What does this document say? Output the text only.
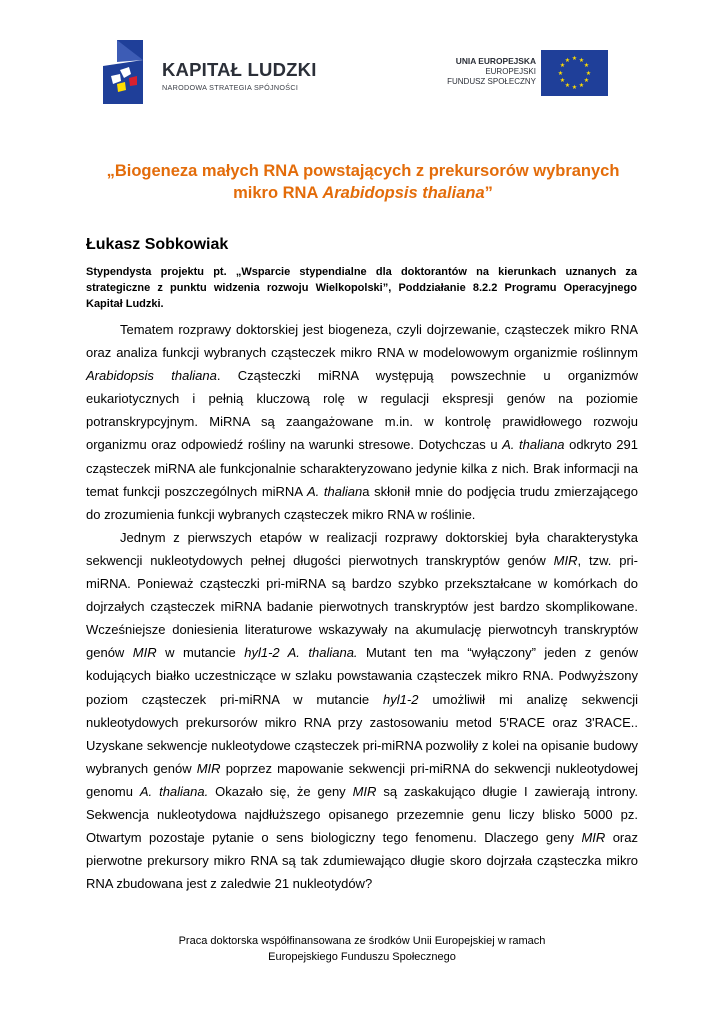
KAPITAŁ LUDZKI
NARODOWA STRATEGIA SPÓJNOŚCI
UNIA EUROPEJSKA
EUROPEJSKI
FUNDUSZ SPOŁECZNY
★ ★
★
★
★
★
★
★
★
★
★
★
„Biogeneza małych RNA powstających z prekursorów wybranych
mikro RNA Arabidopsis thaliana”
Łukasz Sobkowiak
Stypendysta projektu pt. „Wsparcie stypendialne dla doktorantów na kierunkach uznanych za strategiczne z punktu widzenia rozwoju Wielkopolski”, Poddziałanie 8.2.2 Programu Operacyjnego Kapitał Ludzki.

Tematem rozprawy doktorskiej jest biogeneza, czyli dojrzewanie, cząsteczek mikro RNA oraz analiza funkcji wybranych cząsteczek mikro RNA w modelowowym organizmie roślinnym Arabidopsis thaliana. Cząsteczki miRNA występują powszechnie u organizmów eukariotycznych i pełnią kluczową rolę w regulacji ekspresji genów na poziomie potranskrypcyjnym. MiRNA są zaangażowane m.in. w kontrolę prawidłowego rozwoju organizmu oraz odpowiedź rośliny na warunki stresowe. Dotychczas u A. thaliana odkryto 291 cząsteczek miRNA ale funkcjonalnie scharakteryzowano jedynie kilka z nich. Brak informacji na temat funkcji poszczególnych miRNA A. thaliana skłonił mnie do podjęcia trudu zmierzającego do zrozumienia funkcji wybranych cząsteczek mikro RNA w roślinie.

Jednym z pierwszych etapów w realizacji rozprawy doktorskiej była charakterystyka sekwencji nukleotydowych pełnej długości pierwotnych transkryptów genów MIR, tzw. pri-miRNA. Ponieważ cząsteczki pri-miRNA są bardzo szybko przekształcane w komórkach do dojrzałych cząsteczek miRNA badanie pierwotnych transkryptów jest bardzo skomplikowane. Wcześniejsze doniesienia literaturowe wskazywały na akumulację pierwotncyh transkryptów genów MIR w mutancie hyl1-2 A. thaliana. Mutant ten ma “wyłączony” jeden z genów kodujących białko uczestniczące w szlaku powstawania cząsteczek mikro RNA. Podwyższony poziom cząsteczek pri-miRNA w mutancie hyl1-2 umożliwił mi analizę sekwencji nukleotydowych prekursorów mikro RNA przy zastosowaniu metod 5'RACE oraz 3'RACE.. Uzyskane sekwencje nukleotydowe cząsteczek pri-miRNA pozwoliły z kolei na opisanie budowy wybranych genów MIR poprzez mapowanie sekwencji pri-miRNA do sekwencji nukleotydowej genomu A. thaliana. Okazało się, że geny MIR są zaskakująco długie I zawierają introny. Sekwencja nukleotydowa najdłuższego opisanego przezemnie genu liczy blisko 5000 pz. Otwartym pozostaje pytanie o sens biologiczny tego fenomenu. Dlaczego geny MIR oraz pierwotne prekursory mikro RNA są tak zdumiewająco długie skoro dojrzała cząsteczka mikro RNA zbudowana jest z zaledwie 21 nukleotydów?

Praca doktorska współfinansowana ze środków Unii Europejskiej w ramach
Europejskiego Funduszu Społecznego
